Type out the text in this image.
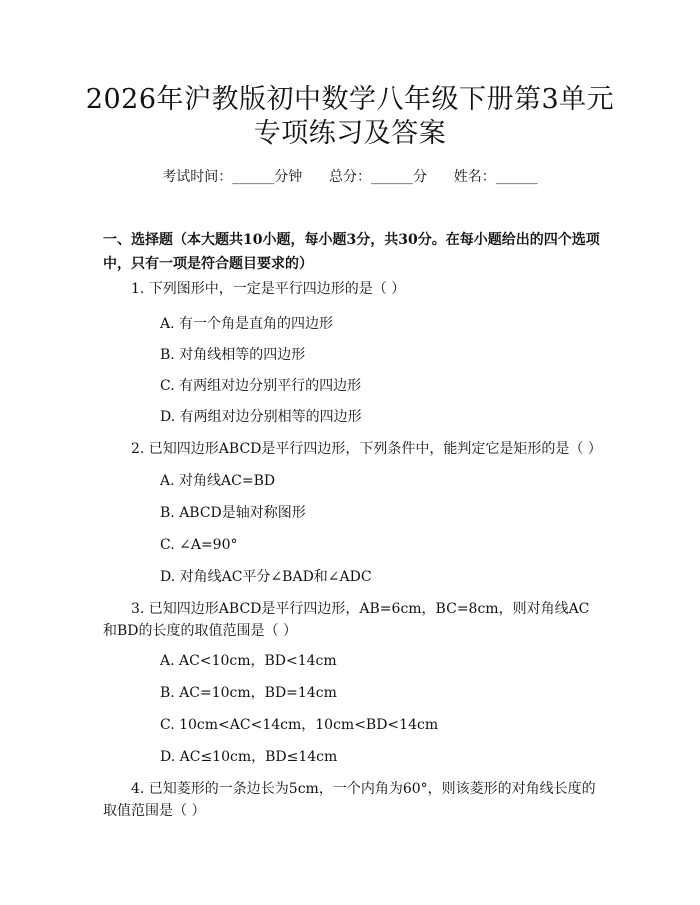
2026年沪教版初中数学八年级下册第3单元
专项练习及答案
考试时间：______分钟 总分：______分 姓名：______
一、选择题（本大题共10小题，每小题3分，共30分。在每小题给出的四个选项中，只有一项是符合题目要求的）
1. 下列图形中，一定是平行四边形的是（ ）
A. 有一个角是直角的四边形
B. 对角线相等的四边形
C. 有两组对边分别平行的四边形
D. 有两组对边分别相等的四边形
2. 已知四边形ABCD是平行四边形，下列条件中，能判定它是矩形的是（ ）
A. 对角线AC=BD
B. ABCD是轴对称图形
C. ∠A=90°
D. 对角线AC平分∠BAD和∠ADC
3. 已知四边形ABCD是平行四边形，AB=6cm，BC=8cm，则对角线AC和BD的长度的取值范围是（ ）
A. AC<10cm，BD<14cm
B. AC=10cm，BD=14cm
C. 10cm<AC<14cm，10cm<BD<14cm
D. AC≤10cm，BD≤14cm
4. 已知菱形的一条边长为5cm，一个内角为60°，则该菱形的对角线长度的取值范围是（ ）
